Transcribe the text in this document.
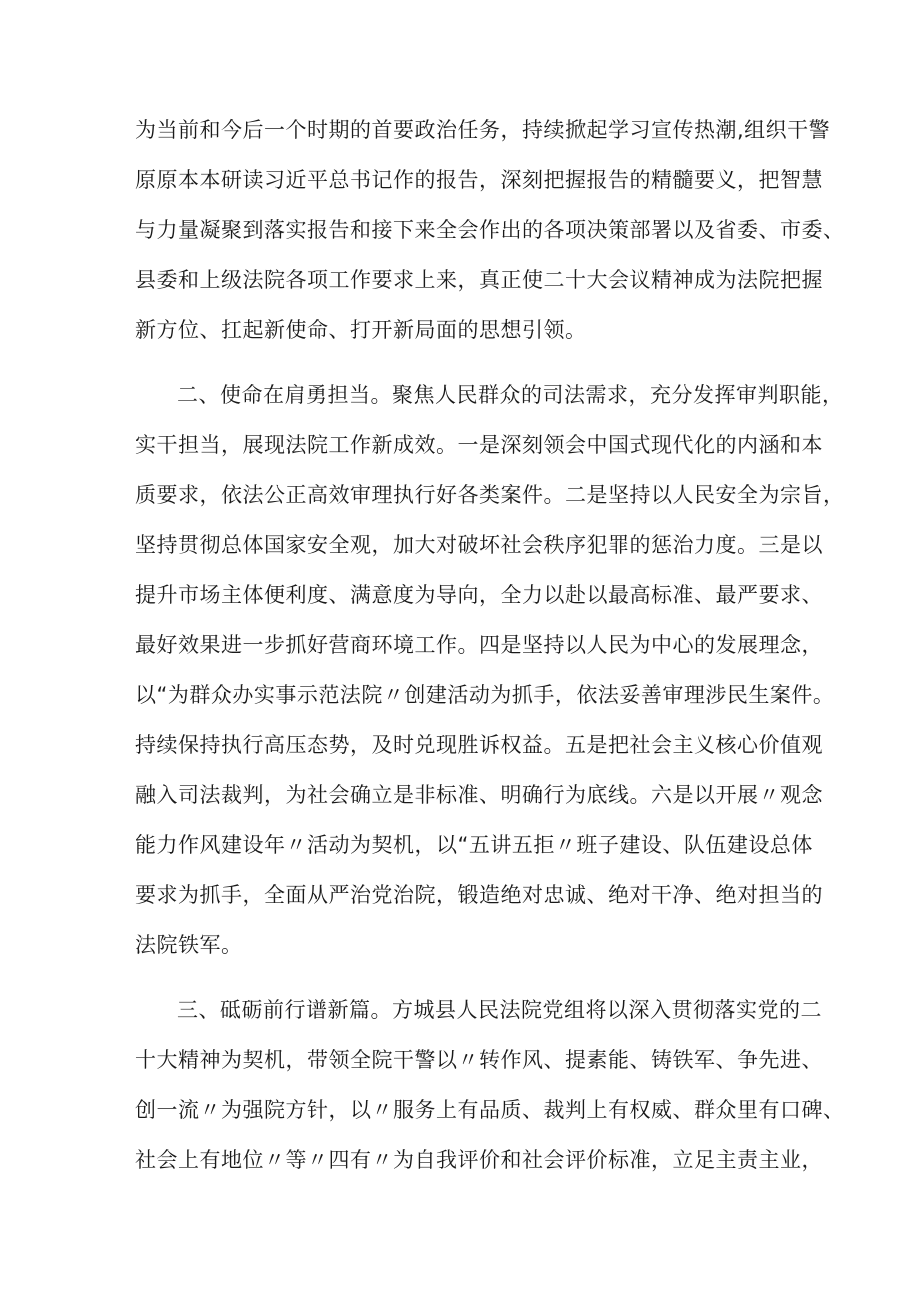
为当前和今后一个时期的首要政治任务，持续掀起学习宣传热潮,组织干警
原原本本研读习近平总书记作的报告，深刻把握报告的精髓要义，把智慧
与力量凝聚到落实报告和接下来全会作出的各项决策部署以及省委、市委、
县委和上级法院各项工作要求上来，真正使二十大会议精神成为法院把握
新方位、扛起新使命、打开新局面的思想引领。
二、使命在肩勇担当。聚焦人民群众的司法需求，充分发挥审判职能，
实干担当，展现法院工作新成效。一是深刻领会中国式现代化的内涵和本
质要求，依法公正高效审理执行好各类案件。二是坚持以人民安全为宗旨，
坚持贯彻总体国家安全观，加大对破坏社会秩序犯罪的惩治力度。三是以
提升市场主体便利度、满意度为导向，全力以赴以最高标准、最严要求、
最好效果进一步抓好营商环境工作。四是坚持以人民为中心的发展理念，
以“为群众办实事示范法院〃创建活动为抓手，依法妥善审理涉民生案件。
持续保持执行高压态势，及时兑现胜诉权益。五是把社会主义核心价值观
融入司法裁判，为社会确立是非标准、明确行为底线。六是以开展〃观念
能力作风建设年〃活动为契机，以“五讲五拒〃班子建设、队伍建设总体
要求为抓手，全面从严治党治院，锻造绝对忠诚、绝对干净、绝对担当的
法院铁军。
三、砥砺前行谱新篇。方城县人民法院党组将以深入贯彻落实党的二
十大精神为契机，带领全院干警以〃转作风、提素能、铸铁军、争先进、
创一流〃为强院方针，以〃服务上有品质、裁判上有权威、群众里有口碑、
社会上有地位〃等〃四有〃为自我评价和社会评价标准，立足主责主业，
